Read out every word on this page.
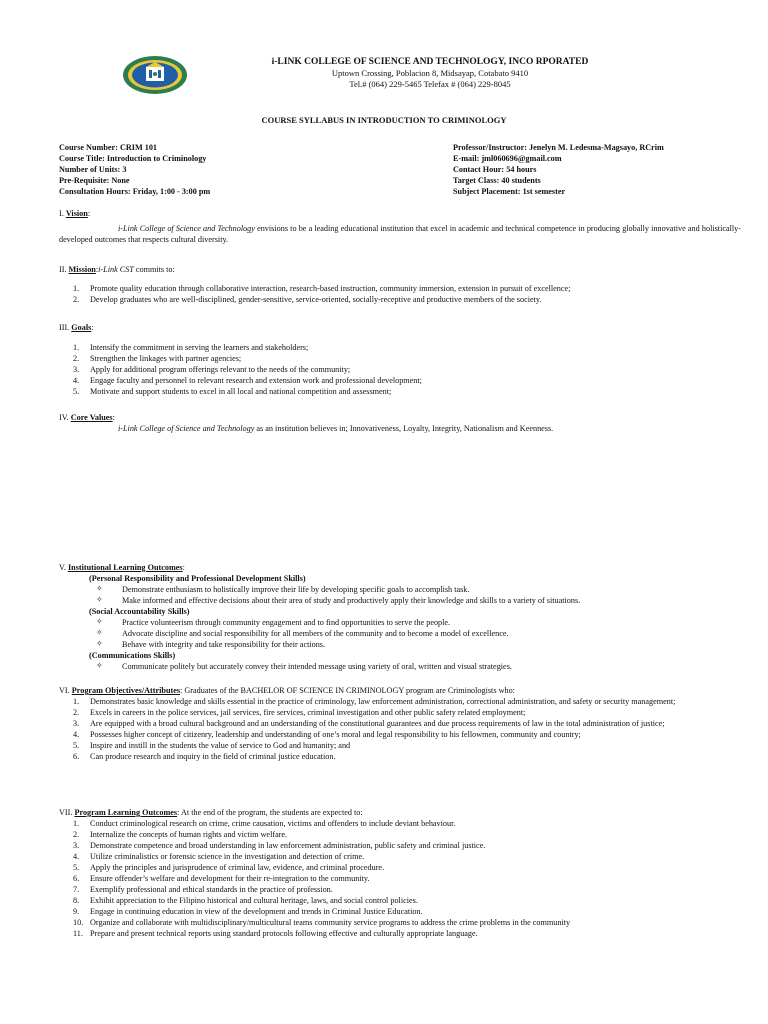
i-LINK COLLEGE OF SCIENCE AND TECHNOLOGY, INCO RPORATED
Uptown Crossing, Poblacion 8, Midsayap, Cotabato 9410
Tel.# (064) 229-5465 Telefax # (064) 229-8045
COURSE SYLLABUS IN INTRODUCTION TO CRIMINOLOGY
Course Number: CRIM 101
Course Title: Introduction to Criminology
Number of Units: 3
Pre-Requisite: None
Consultation Hours: Friday, 1:00 - 3:00 pm
Professor/Instructor: Jenelyn M. Ledesma-Magsayo, RCrim
E-mail: jml060696@gmail.com
Contact Hour: 54 hours
Target Class: 40 students
Subject Placement: 1st semester
I. Vision:
i-Link College of Science and Technology envisions to be a leading educational institution that excel in academic and technical competence in producing globally innovative and holistically-developed outcomes that respects cultural diversity.
II. Mission:i-Link CST commits to:
1.	Promote quality education through collaborative interaction, research-based instruction, community immersion, extension in pursuit of excellence;
2.	Develop graduates who are well-disciplined, gender-sensitive, service-oriented, socially-receptive and productive members of the society.
III. Goals:
1.	Intensify the commitment in serving the learners and stakeholders;
2.	Strengthen the linkages with partner agencies;
3.	Apply for additional program offerings relevant to the needs of the community;
4.	Engage faculty and personnel to relevant research and extension work and professional development;
5.	Motivate and support students to excel in all local and national competition and assessment;
IV. Core Values:
i-Link College of Science and Technology as an institution believes in; Innovativeness, Loyalty, Integrity, Nationalism and Keenness.
V. Institutional Learning Outcomes:
(Personal Responsibility and Professional Development Skills)
✧ Demonstrate enthusiasm to holistically improve their life by developing specific goals to accomplish task.
✧ Make informed and effective decisions about their area of study and productively apply their knowledge and skills to a variety of situations.
(Social Accountability Skills)
✧ Practice volunteerism through community engagement and to find opportunities to serve the people.
✧ Advocate discipline and social responsibility for all members of the community and to become a model of excellence.
✧ Behave with integrity and take responsibility for their actions.
(Communications Skills)
✧ Communicate politely but accurately convey their intended message using variety of oral, written and visual strategies.
VI. Program Objectives/Attributes: Graduates of the BACHELOR OF SCIENCE IN CRIMINOLOGY program are Criminologists who:
1.	Demonstrates basic knowledge and skills essential in the practice of criminology, law enforcement administration, correctional administration, and safety or security management;
2.	Excels in careers in the police services, jail services, fire services, criminal investigation and other public safety related employment;
3.	Are equipped with a broad cultural background and an understanding of the constitutional guarantees and due process requirements of law in the total administration of justice;
4.	Possesses higher concept of citizenry, leadership and understanding of one’s moral and legal responsibility to his fellowmen, community and country;
5.	Inspire and instill in the students the value of service to God and humanity; and
6.	Can produce research and inquiry in the field of criminal justice education.
VII. Program Learning Outcomes: At the end of the program, the students are expected to:
1.	Conduct criminological research on crime, crime causation, victims and offenders to include deviant behaviour.
2.	Internalize the concepts of human rights and victim welfare.
3.	Demonstrate competence and broad understanding in law enforcement administration, public safety and criminal justice.
4.	Utilize criminalistics or forensic science in the investigation and detection of crime.
5.	Apply the principles and jurisprudence of criminal law, evidence, and criminal procedure.
6.	Ensure offender’s welfare and development for their re-integration to the community.
7.	Exemplify professional and ethical standards in the practice of profession.
8.	Exhibit appreciation to the Filipino historical and cultural heritage, laws, and social control policies.
9.	Engage in continuing education in view of the development and trends in Criminal Justice Education.
10. Organize and collaborate with multidisciplinary/multicultural teams community service programs to address the crime problems in the community
11. Prepare and present technical reports using standard protocols following effective and culturally appropriate language.
